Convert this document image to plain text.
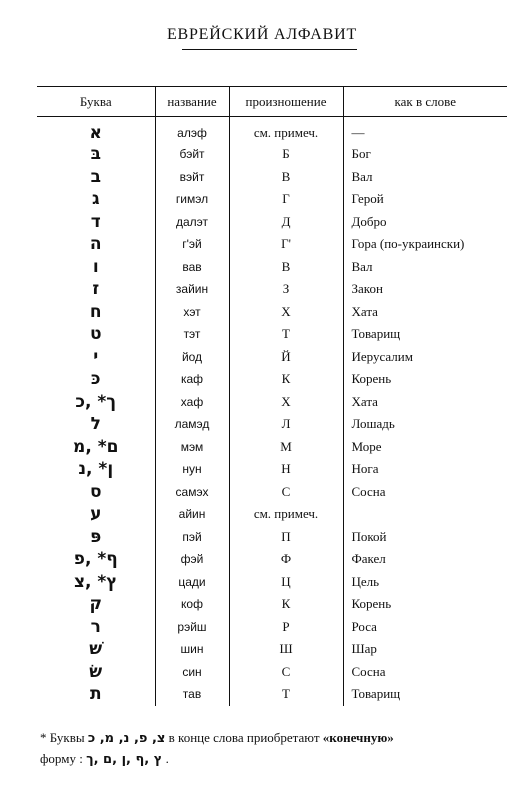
ЕВРЕЙСКИЙ АЛФАВИТ
Буква	название	произношение	как в слове
א	алэф	см. примеч.	—
בּ	бэйт	Б	Бог
ב	вэйт	В	Вал
ג	гимэл	Г	Герой
ד	далэт	Д	Добро
ה	г'эй	Г'	Гора (по-украински)
ו	вав	В	Вал
ז	зайин	З	Закон
ח	хэт	Х	Хата
ט	тэт	Т	Товарищ
י	йод	Й	Иерусалим
כּ	каф	К	Корень
ך* ,כ	хаф	Х	Хата
ל	ламэд	Л	Лошадь
ם* ,מ	мэм	М	Море
ן* ,נ	нун	Н	Нога
ס	самэх	С	Сосна
ע	айин	см. примеч.	
פּ	пэй	П	Покой
ף* ,פ	фэй	Ф	Факел
ץ* ,צ	цади	Ц	Цель
ק	коф	К	Корень
ר	рэйш	Р	Роса
שׁ	шин	Ш	Шар
שׂ	син	С	Сосна
ת	тав	Т	Товарищ
* Буквы צ, פ, נ, מ, כ в конце слова приобретают «конечную»
форму : ץ ,ף ,ן ,ם ,ך .
